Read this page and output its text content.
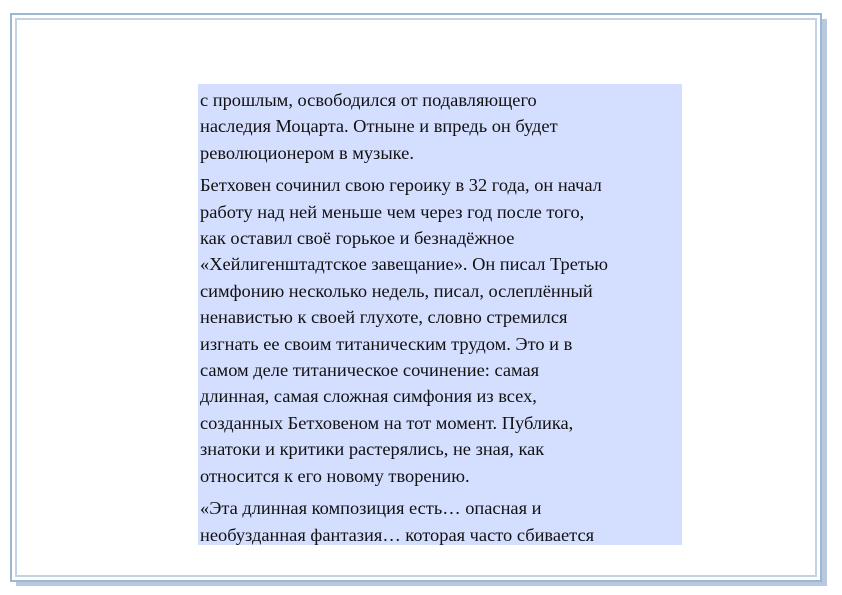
с прошлым, освободился от подавляющего
наследия Моцарта. Отныне и впредь он будет
революционером в музыке.

Бетховен сочинил свою героику в 32 года, он начал
работу над ней меньше чем через год после того,
как оставил своё горькое и безнадёжное
«Хейлигенштадтское завещание». Он писал Третью
симфонию несколько недель, писал, ослеплённый
ненавистью к своей глухоте, словно стремился
изгнать ее своим титаническим трудом. Это и в
самом деле титаническое сочинение: самая
длинная, самая сложная симфония из всех,
созданных Бетховеном на тот момент. Публика,
знатоки и критики растерялись, не зная, как
относится к его новому творению.

«Эта длинная композиция есть… опасная и
необузданная фантазия… которая часто сбивается
